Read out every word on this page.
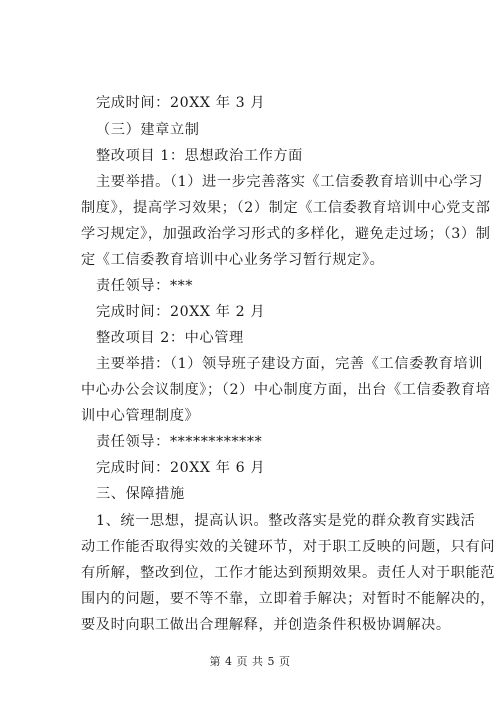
完成时间：20XX 年 3 月
（三）建章立制
整改项目 1：思想政治工作方面
主要举措。（1）进一步完善落实《工信委教育培训中心学习
制度》，提高学习效果；（2）制定《工信委教育培训中心党支部
学习规定》，加强政治学习形式的多样化，避免走过场；（3）制
定《工信委教育培训中心业务学习暂行规定》。
责任领导：***
完成时间：20XX 年 2 月
整改项目 2：中心管理
主要举措：（1）领导班子建设方面，完善《工信委教育培训
中心办公会议制度》；（2）中心制度方面，出台《工信委教育培
训中心管理制度》
责任领导：************
完成时间：20XX 年 6 月
三、保障措施
1、统一思想，提高认识。整改落实是党的群众教育实践活
动工作能否取得实效的关键环节，对于职工反映的问题，只有问
有所解，整改到位，工作才能达到预期效果。责任人对于职能范
围内的问题，要不等不靠，立即着手解决；对暂时不能解决的，
要及时向职工做出合理解释，并创造条件积极协调解决。
第 4 页 共 5 页
